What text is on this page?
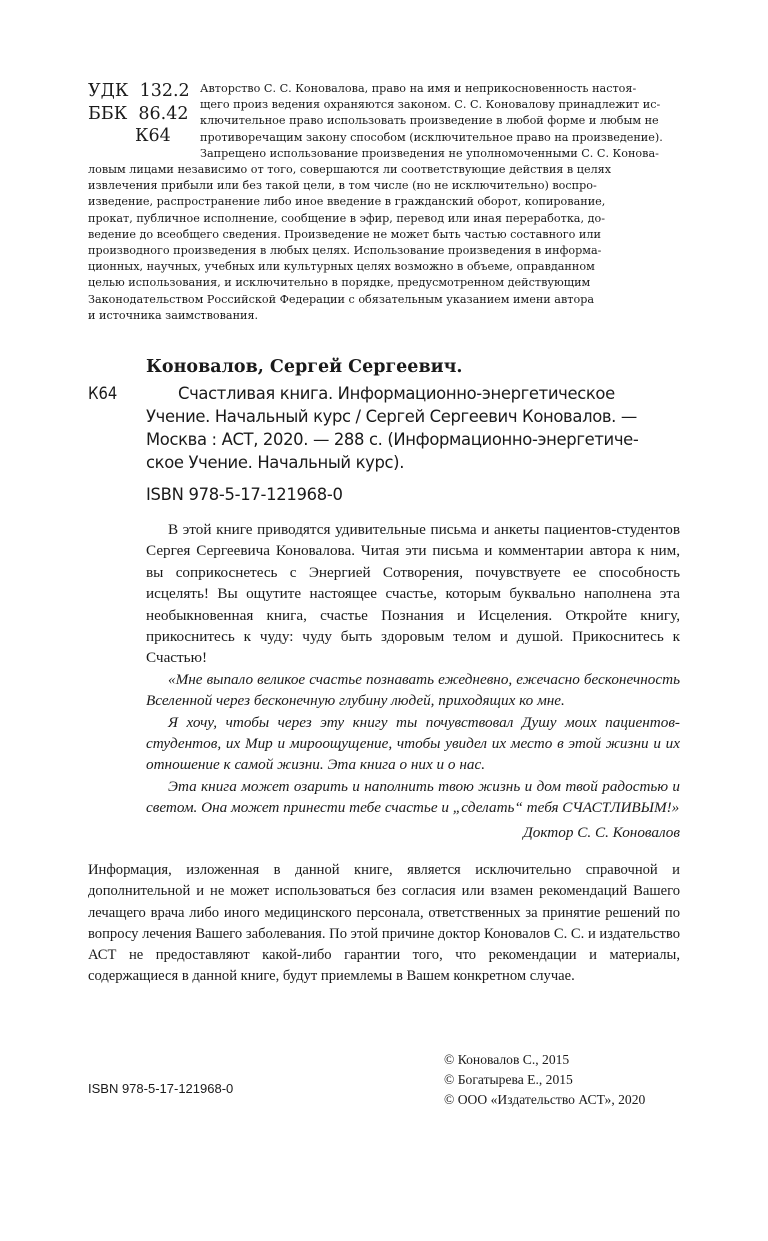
УДК 132.2
ББК 86.42
К64
Авторство С. С. Коновалова, право на имя и неприкосновенность настоя-
щего произ ведения охраняются законом. С. С. Коновалову принадлежит ис-
ключительное право использовать произведение в любой форме и любым не
противоречащим закону способом (исключительное право на произведение).
Запрещено использование произведения не уполномоченными С. С. Конова-
ловым лицами независимо от того, совершаются ли соответствующие действия в целях
извлечения прибыли или без такой цели, в том числе (но не исключительно) воспро-
изведение, распространение либо иное введение в гражданский оборот, копирование,
прокат, публичное исполнение, сообщение в эфир, перевод или иная переработка, до-
ведение до всеобщего сведения. Произведение не может быть частью составного или
производного произведения в любых целях. Использование произведения в информа-
ционных, научных, учебных или культурных целях возможно в объеме, оправданном
целью использования, и исключительно в порядке, предусмотренном действующим
Законодательством Российской Федерации с обязательным указанием имени автора
и источника заимствования.
Коновалов, Сергей Сергеевич.
К64	Счастливая книга. Информационно-энергетическое
Учение. Начальный курс / Сергей Сергеевич Коновалов. —
Москва : АСТ, 2020. — 288 с. (Информационно-энергетиче-
ское Учение. Начальный курс).
ISBN 978-5-17-121968-0

В этой книге приводятся удивительные письма и анкеты пациентов-студентов Сергея Сергеевича Коновалова. Читая эти письма и комментарии автора к ним, вы соприкоснетесь с Энергией Сотворения, почувствуете ее способность исцелять! Вы ощутите настоящее счастье, которым буквально наполнена эта необыкновенная книга, счастье Познания и Исцеления. Откройте книгу, прикоснитесь к чуду: чуду быть здоровым телом и душой. Прикоснитесь к Счастью!

«Мне выпало великое счастье познавать ежедневно, ежечасно бесконечность Вселенной через бесконечную глубину людей, приходящих ко мне.

Я хочу, чтобы через эту книгу ты почувствовал Душу моих пациентов-студентов, их Мир и мироощущение, чтобы увидел их место в этой жизни и их отношение к самой жизни. Эта книга о них и о нас.

Эта книга может озарить и наполнить твою жизнь и дом твой радостью и светом. Она может принести тебе счастье и „сделать“ тебя СЧАСТЛИВЫМ!»

Доктор С. С. Коновалов
Информация, изложенная в данной книге, является исключительно справочной и дополнительной и не может использоваться без согласия или взамен рекомендаций Вашего лечащего врача либо иного медицинского персонала, ответственных за принятие решений по вопросу лечения Вашего заболевания. По этой причине доктор Коновалов С. С. и издательство АСТ не предоставляют какой-либо гарантии того, что рекомендации и материалы, содержащиеся в данной книге, будут приемлемы в Вашем конкретном случае.
© Коновалов С., 2015
© Богатырева Е., 2015
© ООО «Издательство АСТ», 2020
ISBN 978-5-17-121968-0
